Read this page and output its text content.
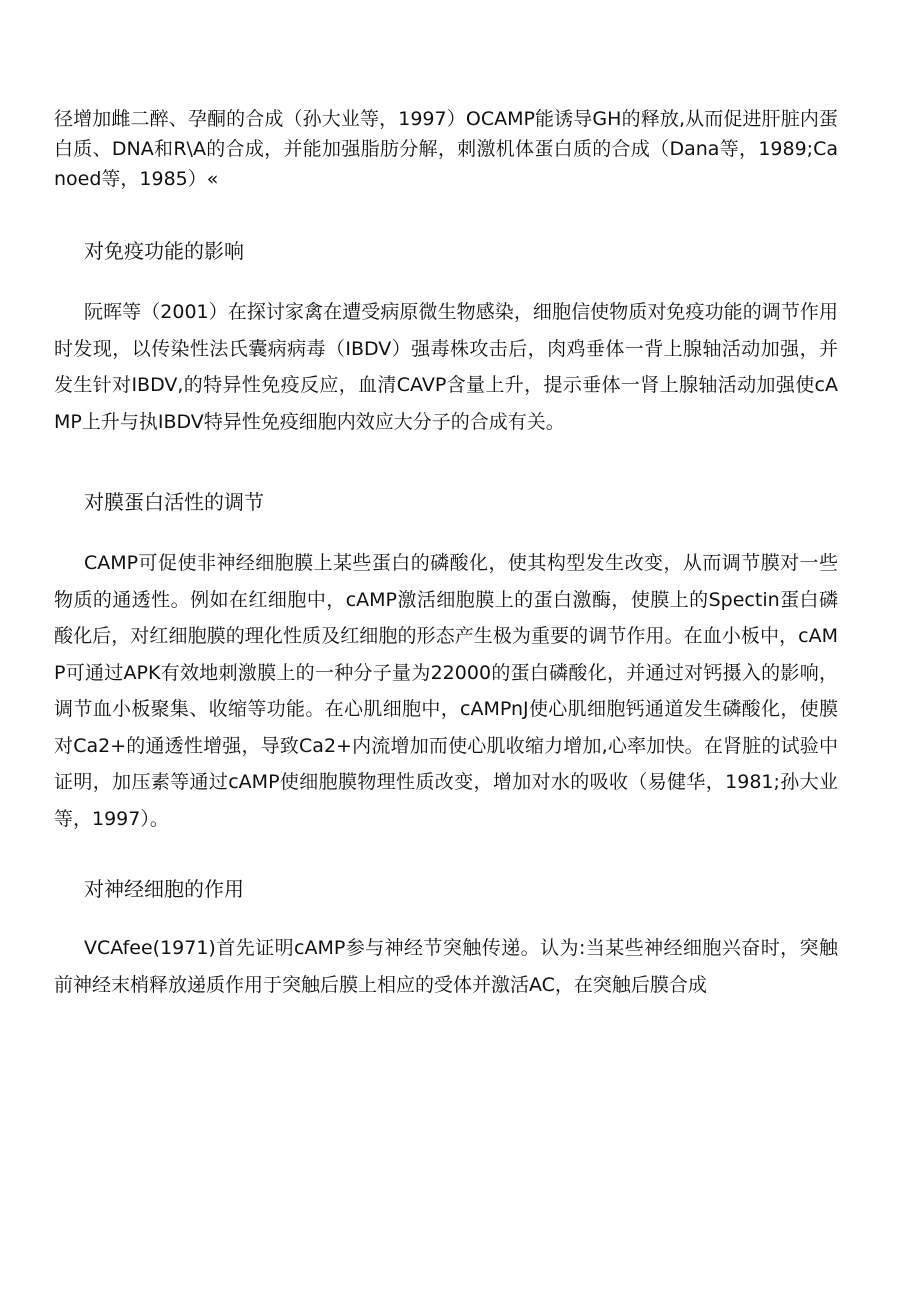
径增加雌二醉、孕酮的合成（孙大业等，1997）OCAMP能诱导GH的释放,从而促进肝脏内蛋白质、DNA和R\A的合成，并能加强脂肪分解，刺激机体蛋白质的合成（Dana等，1989;Canoed等，1985）«

对免疫功能的影响

阮晖等（2001）在探讨家禽在遭受病原微生物感染，细胞信使物质对免疫功能的调节作用时发现，以传染性法氏囊病病毒（IBDV）强毒株攻击后，肉鸡垂体一背上腺轴活动加强，并发生针对IBDV,的特异性免疫反应，血清CAVP含量上升，提示垂体一肾上腺轴活动加强使cAMP上升与执IBDV特异性免疫细胞内效应大分子的合成有关。

对膜蛋白活性的调节

CAMP可促使非神经细胞膜上某些蛋白的磷酸化，使其构型发生改变，从而调节膜对一些物质的通透性。例如在红细胞中，cAMP激活细胞膜上的蛋白激酶，使膜上的Spectin蛋白磷酸化后，对红细胞膜的理化性质及红细胞的形态产生极为重要的调节作用。在血小板中，cAMP可通过APK有效地刺激膜上的一种分子量为22000的蛋白磷酸化，并通过对钙摄入的影响，调节血小板聚集、收缩等功能。在心肌细胞中，cAMPnJ使心肌细胞钙通道发生磷酸化，使膜对Ca2+的通透性增强，导致Ca2+内流增加而使心肌收缩力增加,心率加快。在肾脏的试验中证明，加压素等通过cAMP使细胞膜物理性质改变，增加对水的吸收（易健华，1981;孙大业等，1997）。

对神经细胞的作用

VCAfee(1971)首先证明cAMP参与神经节突触传递。认为:当某些神经细胞兴奋时，突触前神经末梢释放递质作用于突触后膜上相应的受体并激活AC，在突触后膜合成
